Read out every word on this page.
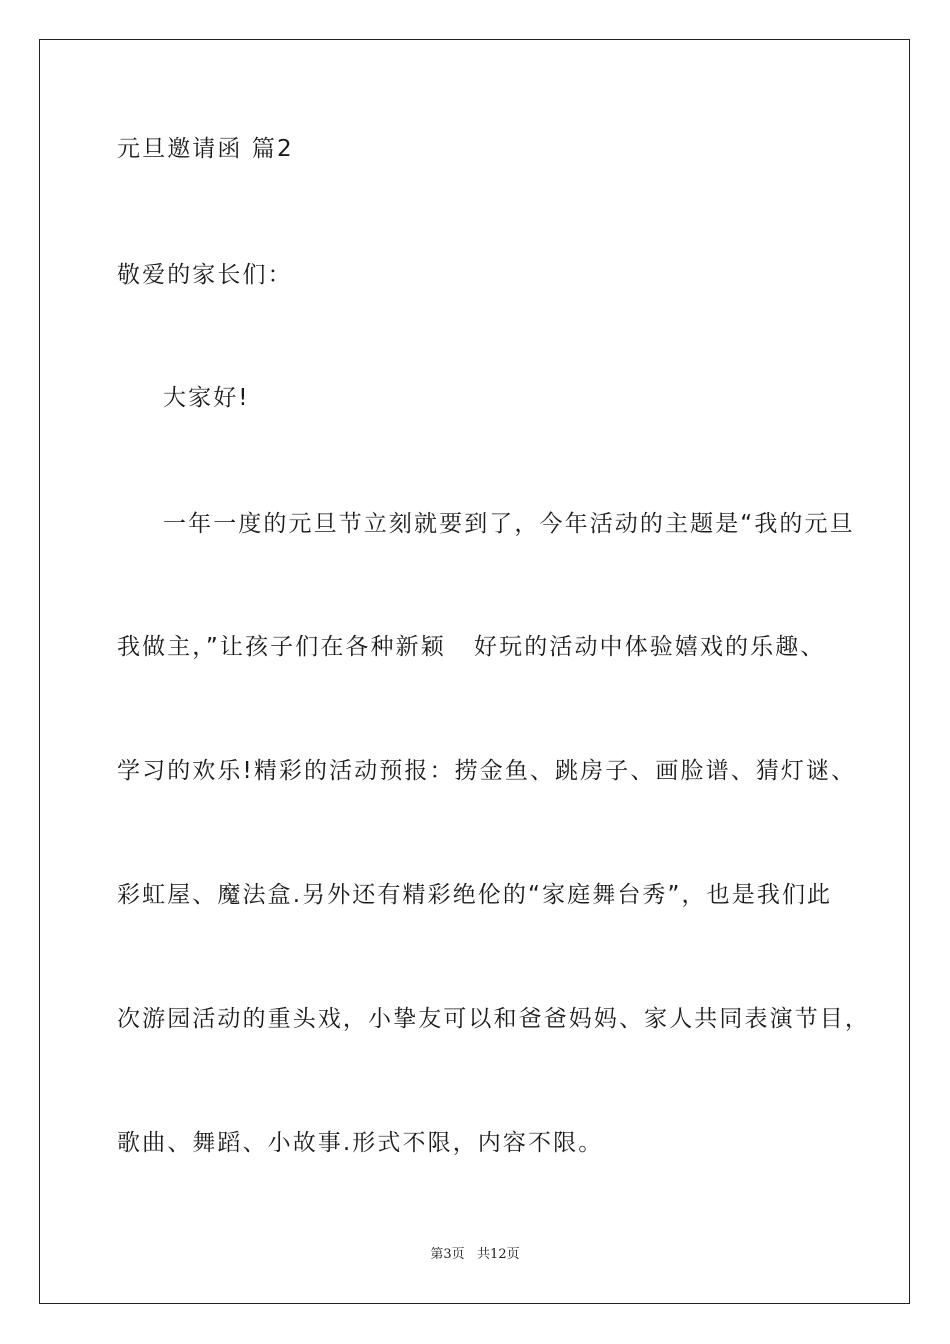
元旦邀请函 篇2
敬爱的家长们：
大家好!
一年一度的元旦节立刻就要到了，今年活动的主题是“我的元旦
我做主，”让孩子们在各种新颖   好玩的活动中体验嬉戏的乐趣、
学习的欢乐!精彩的活动预报：捞金鱼、跳房子、画脸谱、猜灯谜、
彩虹屋、魔法盒.另外还有精彩绝伦的“家庭舞台秀”，也是我们此
次游园活动的重头戏，小挚友可以和爸爸妈妈、家人共同表演节目，
歌曲、舞蹈、小故事.形式不限，内容不限。
第3页   共12页
